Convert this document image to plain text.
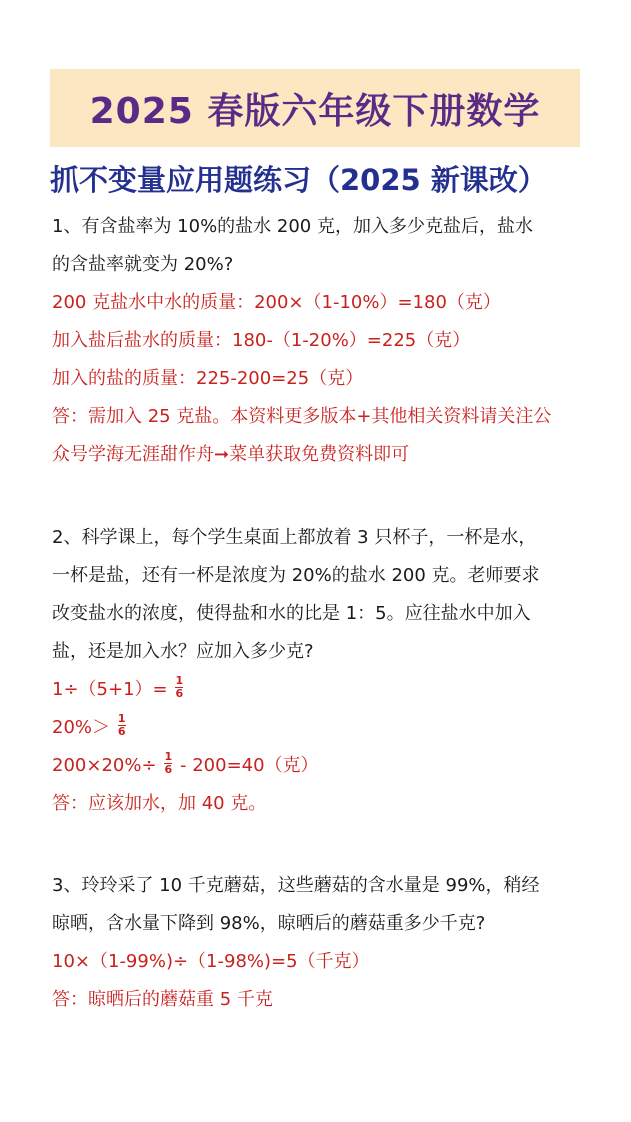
2025 春版六年级下册数学
抓不变量应用题练习（2025 新课改）
1、有含盐率为 10%的盐水 200 克，加入多少克盐后，盐水
的含盐率就变为 20%?
200 克盐水中水的质量：200×（1-10%）=180（克）
加入盐后盐水的质量：180-（1-20%）=225（克）
加入的盐的质量：225-200=25（克）
答：需加入 25 克盐。本资料更多版本+其他相关资料请关注公
众号学海无涯甜作舟➞菜单获取免费资料即可
2、科学课上，每个学生桌面上都放着 3 只杯子，一杯是水，
一杯是盐，还有一杯是浓度为 20%的盐水 200 克。老师要求
改变盐水的浓度，使得盐和水的比是 1：5。应往盐水中加入
盐，还是加入水？应加入多少克?
$1\div(5+1)= \frac{1}{6}$
$20\%> \frac{1}{6}$
$200\times 20\%\div \frac{1}{6} - 200=40$（克）
答：应该加水，加 40 克。
3、玲玲采了 10 千克蘑菇，这些蘑菇的含水量是 99%，稍经
晾晒，含水量下降到 98%，晾晒后的蘑菇重多少千克?
10×（1-99%)÷（1-98%)=5（千克）
答：晾晒后的蘑菇重 5 千克
